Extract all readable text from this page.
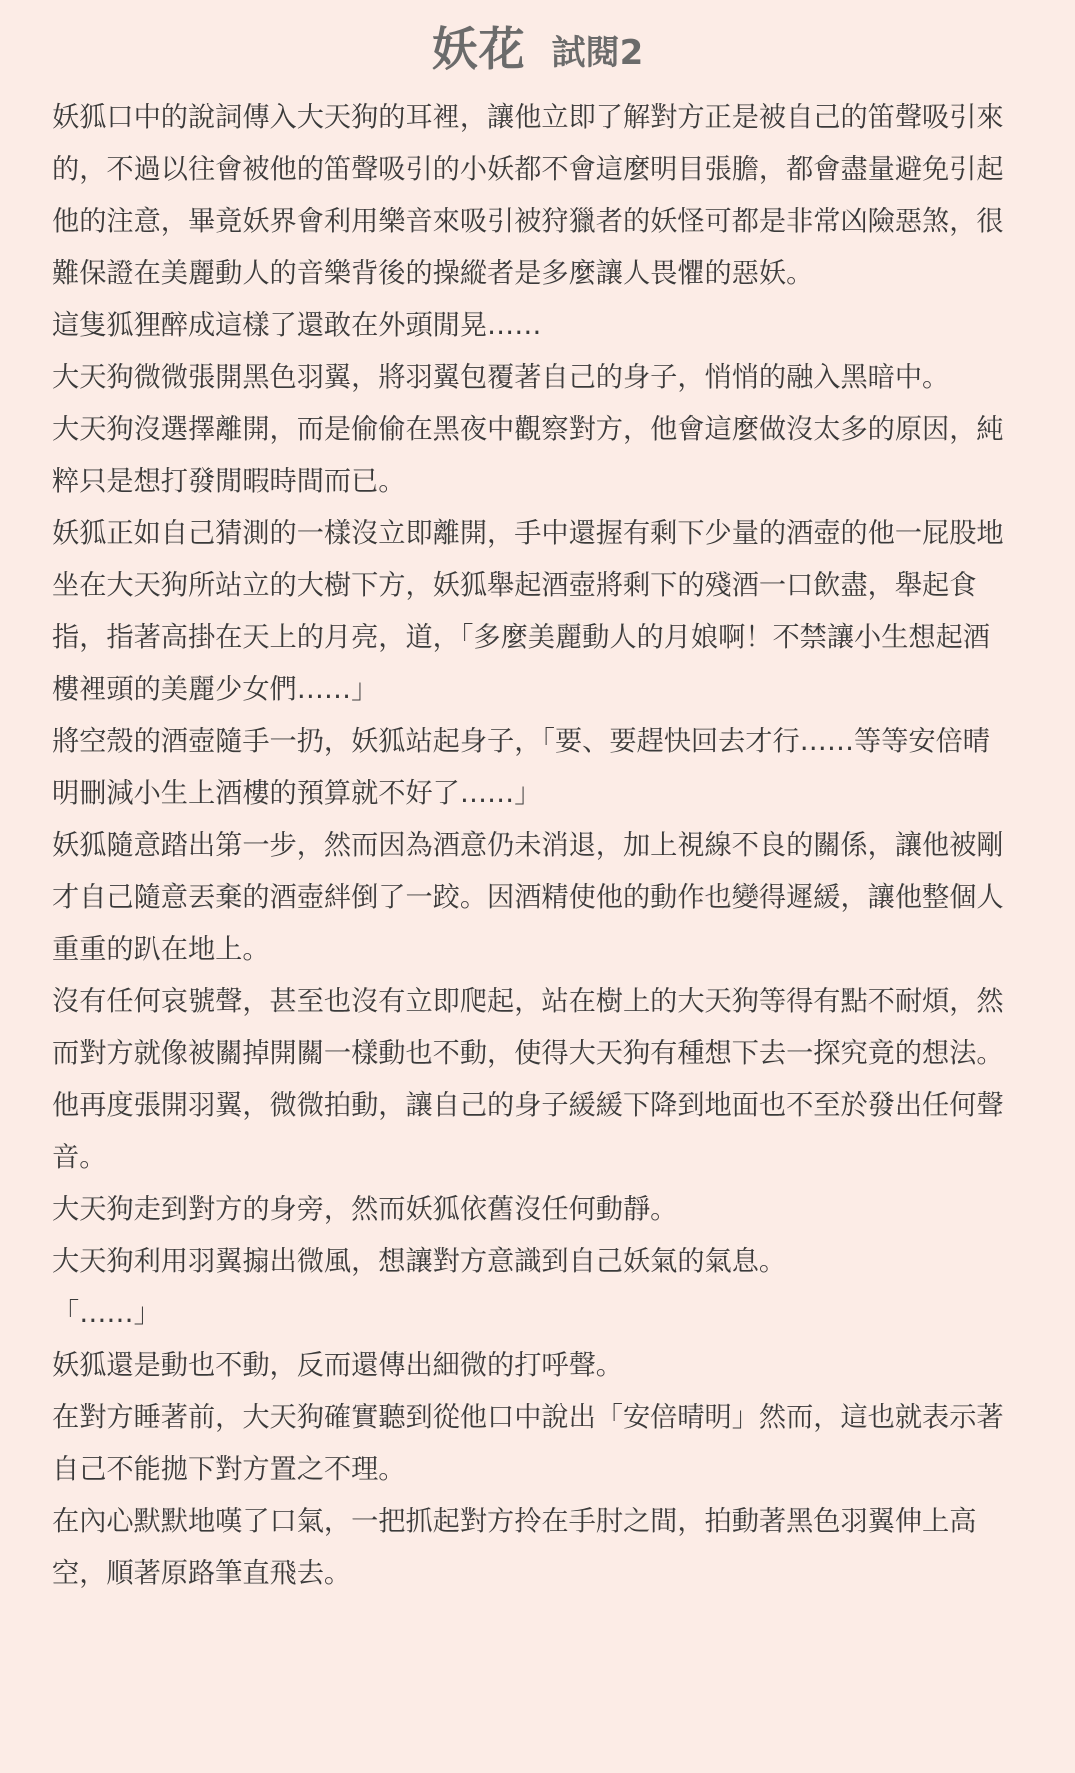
妖花 試閱2

妖狐口中的說詞傳入大天狗的耳裡，讓他立即了解對方正是被自己的笛聲吸引來的，不過以往會被他的笛聲吸引的小妖都不會這麼明目張膽，都會盡量避免引起他的注意，畢竟妖界會利用樂音來吸引被狩獵者的妖怪可都是非常凶險惡煞，很難保證在美麗動人的音樂背後的操縱者是多麼讓人畏懼的惡妖。

這隻狐狸醉成這樣了還敢在外頭閒晃……

大天狗微微張開黑色羽翼，將羽翼包覆著自己的身子，悄悄的融入黑暗中。

大天狗沒選擇離開，而是偷偷在黑夜中觀察對方，他會這麼做沒太多的原因，純粹只是想打發閒暇時間而已。

妖狐正如自己猜測的一樣沒立即離開，手中還握有剩下少量的酒壺的他一屁股地坐在大天狗所站立的大樹下方，妖狐舉起酒壺將剩下的殘酒一口飲盡，舉起食指，指著高掛在天上的月亮，道，「多麼美麗動人的月娘啊！不禁讓小生想起酒樓裡頭的美麗少女們……」

將空殼的酒壺隨手一扔，妖狐站起身子，「要、要趕快回去才行……等等安倍晴明刪減小生上酒樓的預算就不好了……」

妖狐隨意踏出第一步，然而因為酒意仍未消退，加上視線不良的關係，讓他被剛才自己隨意丟棄的酒壺絆倒了一跤。因酒精使他的動作也變得遲緩，讓他整個人重重的趴在地上。

沒有任何哀號聲，甚至也沒有立即爬起，站在樹上的大天狗等得有點不耐煩，然而對方就像被關掉開關一樣動也不動，使得大天狗有種想下去一探究竟的想法。

他再度張開羽翼，微微拍動，讓自己的身子緩緩下降到地面也不至於發出任何聲音。

大天狗走到對方的身旁，然而妖狐依舊沒任何動靜。

大天狗利用羽翼搧出微風，想讓對方意識到自己妖氣的氣息。

「……」

妖狐還是動也不動，反而還傳出細微的打呼聲。

在對方睡著前，大天狗確實聽到從他口中說出「安倍晴明」然而，這也就表示著自己不能拋下對方置之不理。

在內心默默地嘆了口氣，一把抓起對方拎在手肘之間，拍動著黑色羽翼伸上高空，順著原路筆直飛去。
